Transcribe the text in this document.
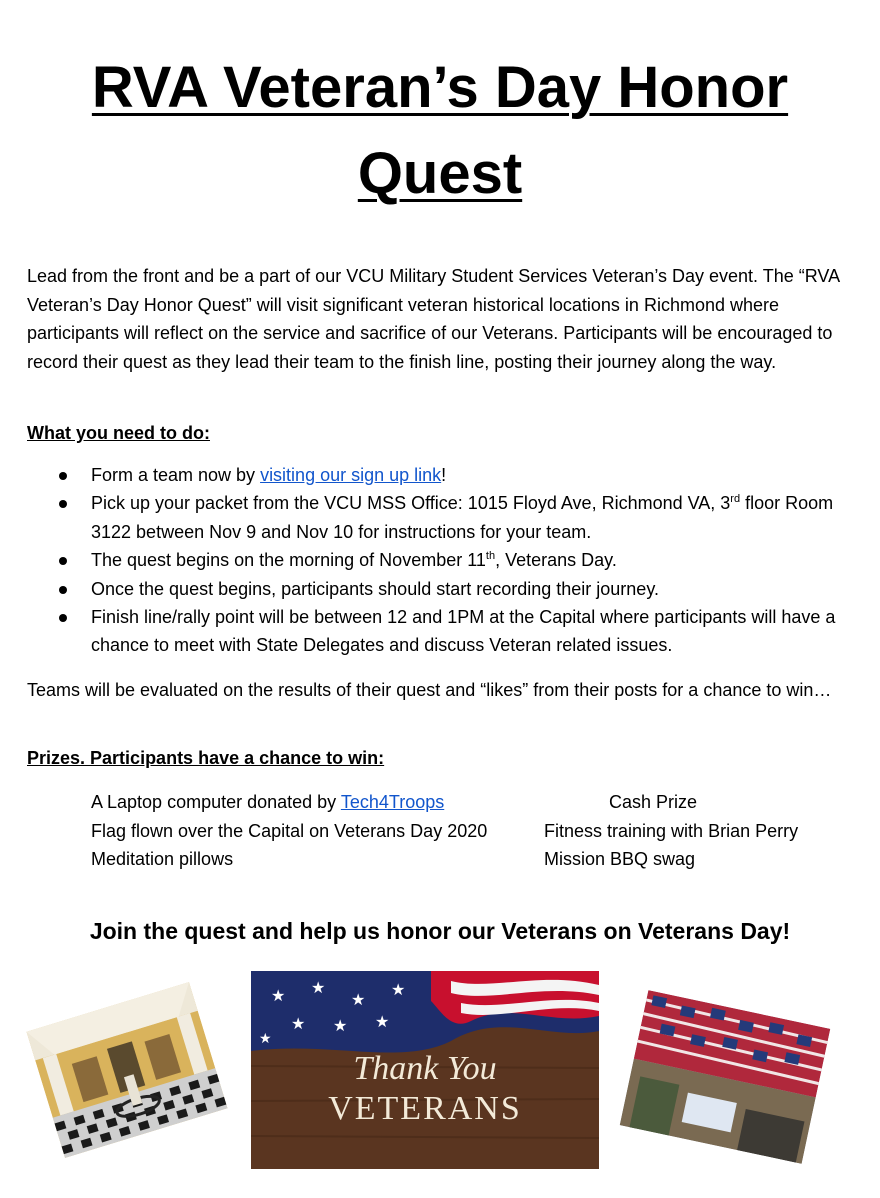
RVA Veteran’s Day Honor
Quest
Lead from the front and be a part of our VCU Military Student Services Veteran’s Day event. The “RVA Veteran’s Day Honor Quest” will visit significant veteran historical locations in Richmond where participants will reflect on the service and sacrifice of our Veterans. Participants will be encouraged to record their quest as they lead their team to the finish line, posting their journey along the way.
What you need to do:
Form a team now by visiting our sign up link!
Pick up your packet from the VCU MSS Office: 1015 Floyd Ave, Richmond VA, 3rd floor Room 3122 between Nov 9 and Nov 10 for instructions for your team.
The quest begins on the morning of November 11th, Veterans Day.
Once the quest begins, participants should start recording their journey.
Finish line/rally point will be between 12 and 1PM at the Capital where participants will have a chance to meet with State Delegates and discuss Veteran related issues.
Teams will be evaluated on the results of their quest and “likes” from their posts for a chance to win…
Prizes. Participants have a chance to win:
A Laptop computer donated by Tech4Troops	Cash Prize
Flag flown over the Capital on Veterans Day 2020	Fitness training with Brian Perry
Meditation pillows	Mission BBQ swag
Join the quest and help us honor our Veterans on Veterans Day!
★ ★
★
★
★ ★ ★
★
Thank You
VETERANS
